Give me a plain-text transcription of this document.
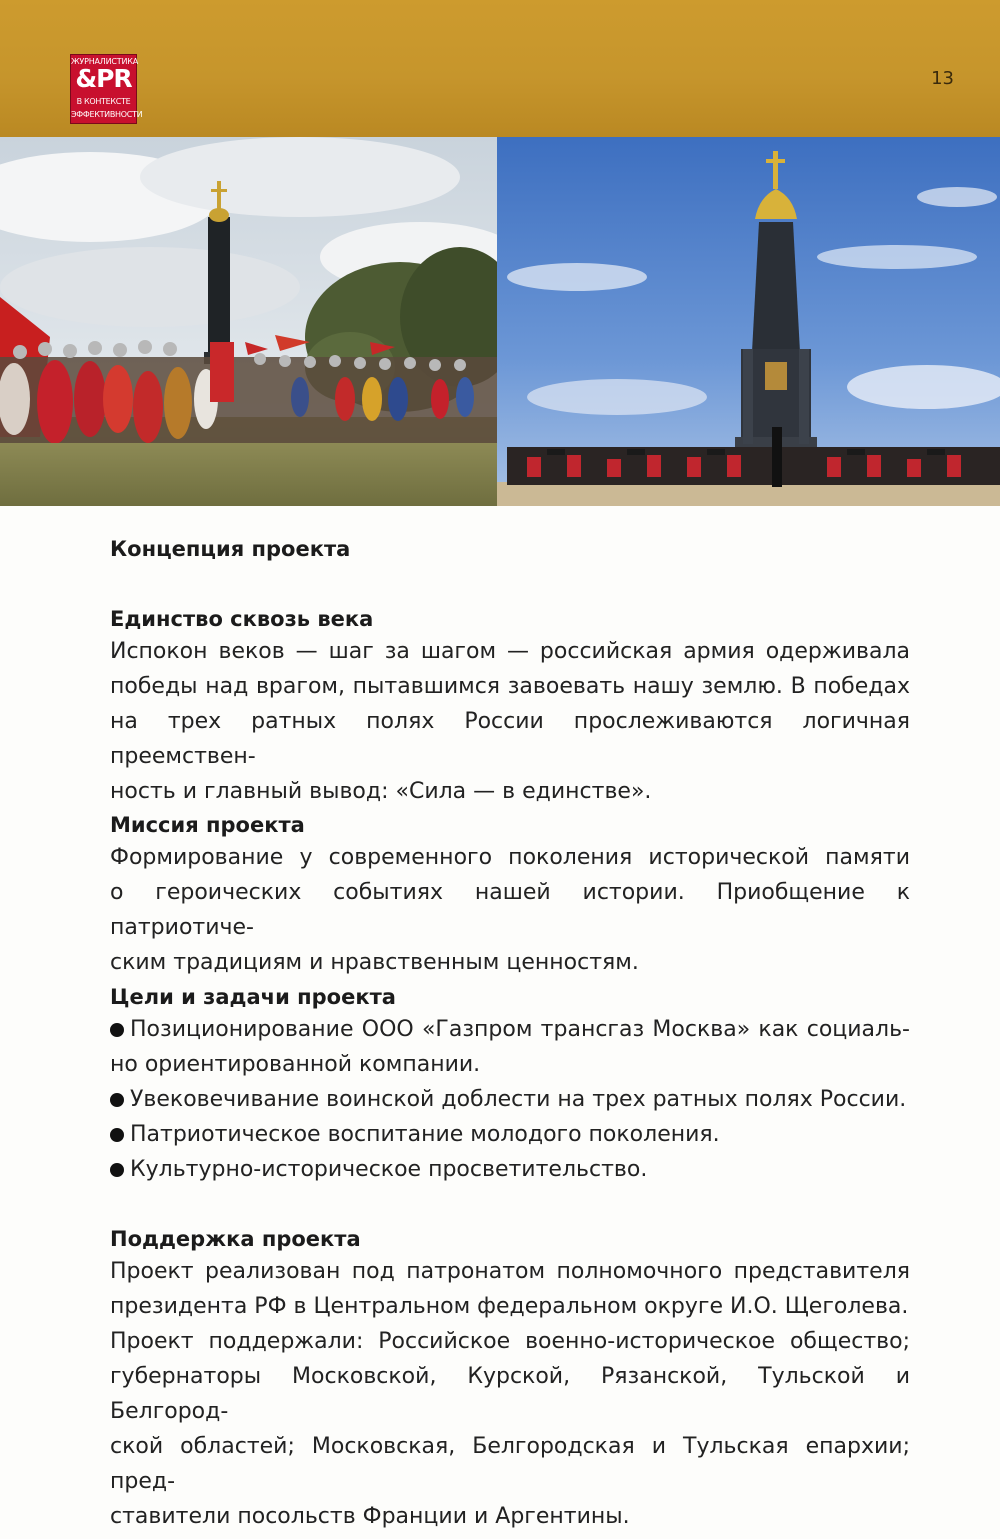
ЖУРНАЛИСТИКА
&PR
В КОНТЕКСТЕ
ЭФФЕКТИВНОСТИ
13
Концепция проекта
Единство сквозь века
Испокон веков — шаг за шагом — российская армия одерживала
победы над врагом, пытавшимся завоевать нашу землю. В победах
на трех ратных полях России прослеживаются логичная преемствен-
ность и главный вывод: «Сила — в единстве».
Миссия проекта
Формирование у современного поколения исторической памяти
о героических событиях нашей истории. Приобщение к патриотиче-
ским традициям и нравственным ценностям.
Цели и задачи проекта
Позиционирование ООО «Газпром трансгаз Москва» как социаль-
но ориентированной компании.
Увековечивание воинской доблести на трех ратных полях России.
Патриотическое воспитание молодого поколения.
Культурно-историческое просветительство.
Поддержка проекта
Проект реализован под патронатом полномочного представителя
президента РФ в Центральном федеральном округе И.О. Щеголева.
Проект поддержали: Российское военно-историческое общество;
губернаторы Московской, Курской, Рязанской, Тульской и Белгород-
ской областей; Московская, Белгородская и Тульская епархии; пред-
ставители посольств Франции и Аргентины.
